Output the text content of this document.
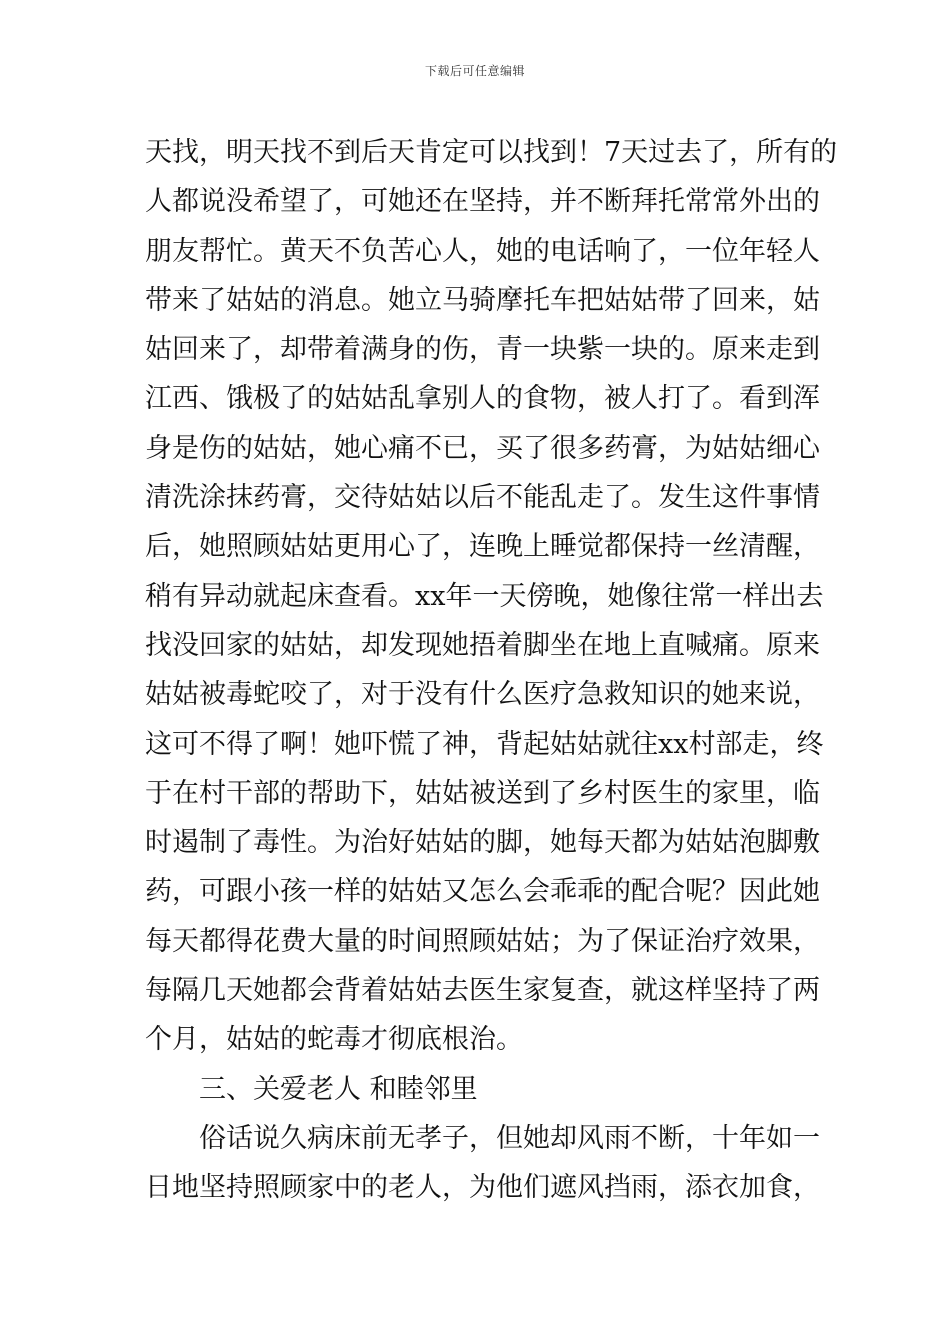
下载后可任意编辑
天找，明天找不到后天肯定可以找到！7天过去了，所有的
人都说没希望了，可她还在坚持，并不断拜托常常外出的
朋友帮忙。黄天不负苦心人，她的电话响了，一位年轻人
带来了姑姑的消息。她立马骑摩托车把姑姑带了回来，姑
姑回来了，却带着满身的伤，青一块紫一块的。原来走到
江西、饿极了的姑姑乱拿别人的食物，被人打了。看到浑
身是伤的姑姑，她心痛不已，买了很多药膏，为姑姑细心
清洗涂抹药膏，交待姑姑以后不能乱走了。发生这件事情
后，她照顾姑姑更用心了，连晚上睡觉都保持一丝清醒，
稍有异动就起床查看。xx年一天傍晚，她像往常一样出去
找没回家的姑姑，却发现她捂着脚坐在地上直喊痛。原来
姑姑被毒蛇咬了，对于没有什么医疗急救知识的她来说，
这可不得了啊！她吓慌了神，背起姑姑就往xx村部走，终
于在村干部的帮助下，姑姑被送到了乡村医生的家里，临
时遏制了毒性。为治好姑姑的脚，她每天都为姑姑泡脚敷
药，可跟小孩一样的姑姑又怎么会乖乖的配合呢？因此她
每天都得花费大量的时间照顾姑姑；为了保证治疗效果，
每隔几天她都会背着姑姑去医生家复查，就这样坚持了两
个月，姑姑的蛇毒才彻底根治。
三、关爱老人 和睦邻里
俗话说久病床前无孝子，但她却风雨不断，十年如一
日地坚持照顾家中的老人，为他们遮风挡雨，添衣加食，
